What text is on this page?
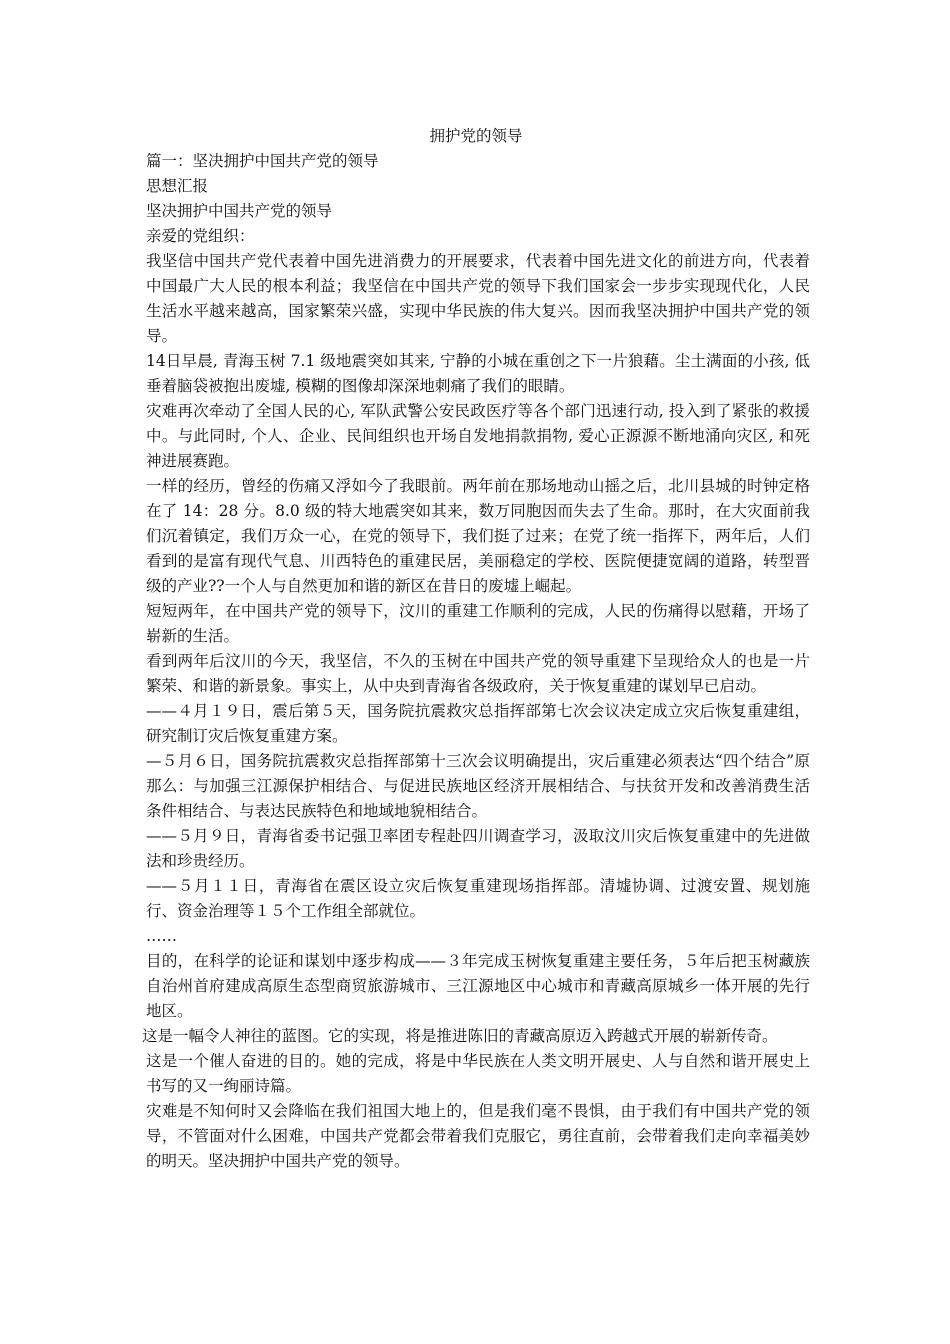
拥护党的领导
篇一：坚决拥护中国共产党的领导
思想汇报
坚决拥护中国共产党的领导
亲爱的党组织：
我坚信中国共产党代表着中国先进消费力的开展要求，代表着中国先进文化的前进方向，代表着中国最广大人民的根本利益；我坚信在中国共产党的领导下我们国家会一步步实现现代化，人民生活水平越来越高，国家繁荣兴盛，实现中华民族的伟大复兴。因而我坚决拥护中国共产党的领导。
14日早晨, 青海玉树 7.1 级地震突如其来, 宁静的小城在重创之下一片狼藉。尘土满面的小孩, 低垂着脑袋被抱出废墟, 模糊的图像却深深地刺痛了我们的眼睛。
灾难再次牵动了全国人民的心, 军队武警公安民政医疗等各个部门迅速行动, 投入到了紧张的救援中。与此同时, 个人、企业、民间组织也开场自发地捐款捐物, 爱心正源源不断地涌向灾区, 和死神进展赛跑。
一样的经历，曾经的伤痛又浮如今了我眼前。两年前在那场地动山摇之后，北川县城的时钟定格在了 14：28 分。8.0 级的特大地震突如其来，数万同胞因而失去了生命。那时，在大灾面前我们沉着镇定，我们万众一心，在党的领导下，我们挺了过来；在党了统一指挥下，两年后，人们看到的是富有现代气息、川西特色的重建民居，美丽稳定的学校、医院便捷宽阔的道路，转型晋级的产业??一个人与自然更加和谐的新区在昔日的废墟上崛起。
短短两年，在中国共产党的领导下，汶川的重建工作顺利的完成，人民的伤痛得以慰藉，开场了崭新的生活。
看到两年后汶川的今天，我坚信，不久的玉树在中国共产党的领导重建下呈现给众人的也是一片繁荣、和谐的新景象。事实上，从中央到青海省各级政府，关于恢复重建的谋划早已启动。
——４月１９日，震后第５天，国务院抗震救灾总指挥部第七次会议决定成立灾后恢复重建组，研究制订灾后恢复重建方案。
—５月６日，国务院抗震救灾总指挥部第十三次会议明确提出，灾后重建必须表达“四个结合”原那么：与加强三江源保护相结合、与促进民族地区经济开展相结合、与扶贫开发和改善消费生活条件相结合、与表达民族特色和地域地貌相结合。
——５月９日，青海省委书记强卫率团专程赴四川调查学习，汲取汶川灾后恢复重建中的先进做法和珍贵经历。
——５月１１日，青海省在震区设立灾后恢复重建现场指挥部。清墟协调、过渡安置、规划施行、资金治理等１５个工作组全部就位。
……
目的，在科学的论证和谋划中逐步构成——３年完成玉树恢复重建主要任务，５年后把玉树藏族自治州首府建成高原生态型商贸旅游城市、三江源地区中心城市和青藏高原城乡一体开展的先行地区。
这是一幅令人神往的蓝图。它的实现，将是推进陈旧的青藏高原迈入跨越式开展的崭新传奇。
这是一个催人奋进的目的。她的完成，将是中华民族在人类文明开展史、人与自然和谐开展史上书写的又一绚丽诗篇。
灾难是不知何时又会降临在我们祖国大地上的，但是我们毫不畏惧，由于我们有中国共产党的领导，不管面对什么困难，中国共产党都会带着我们克服它，勇往直前，会带着我们走向幸福美妙的明天。坚决拥护中国共产党的领导。
